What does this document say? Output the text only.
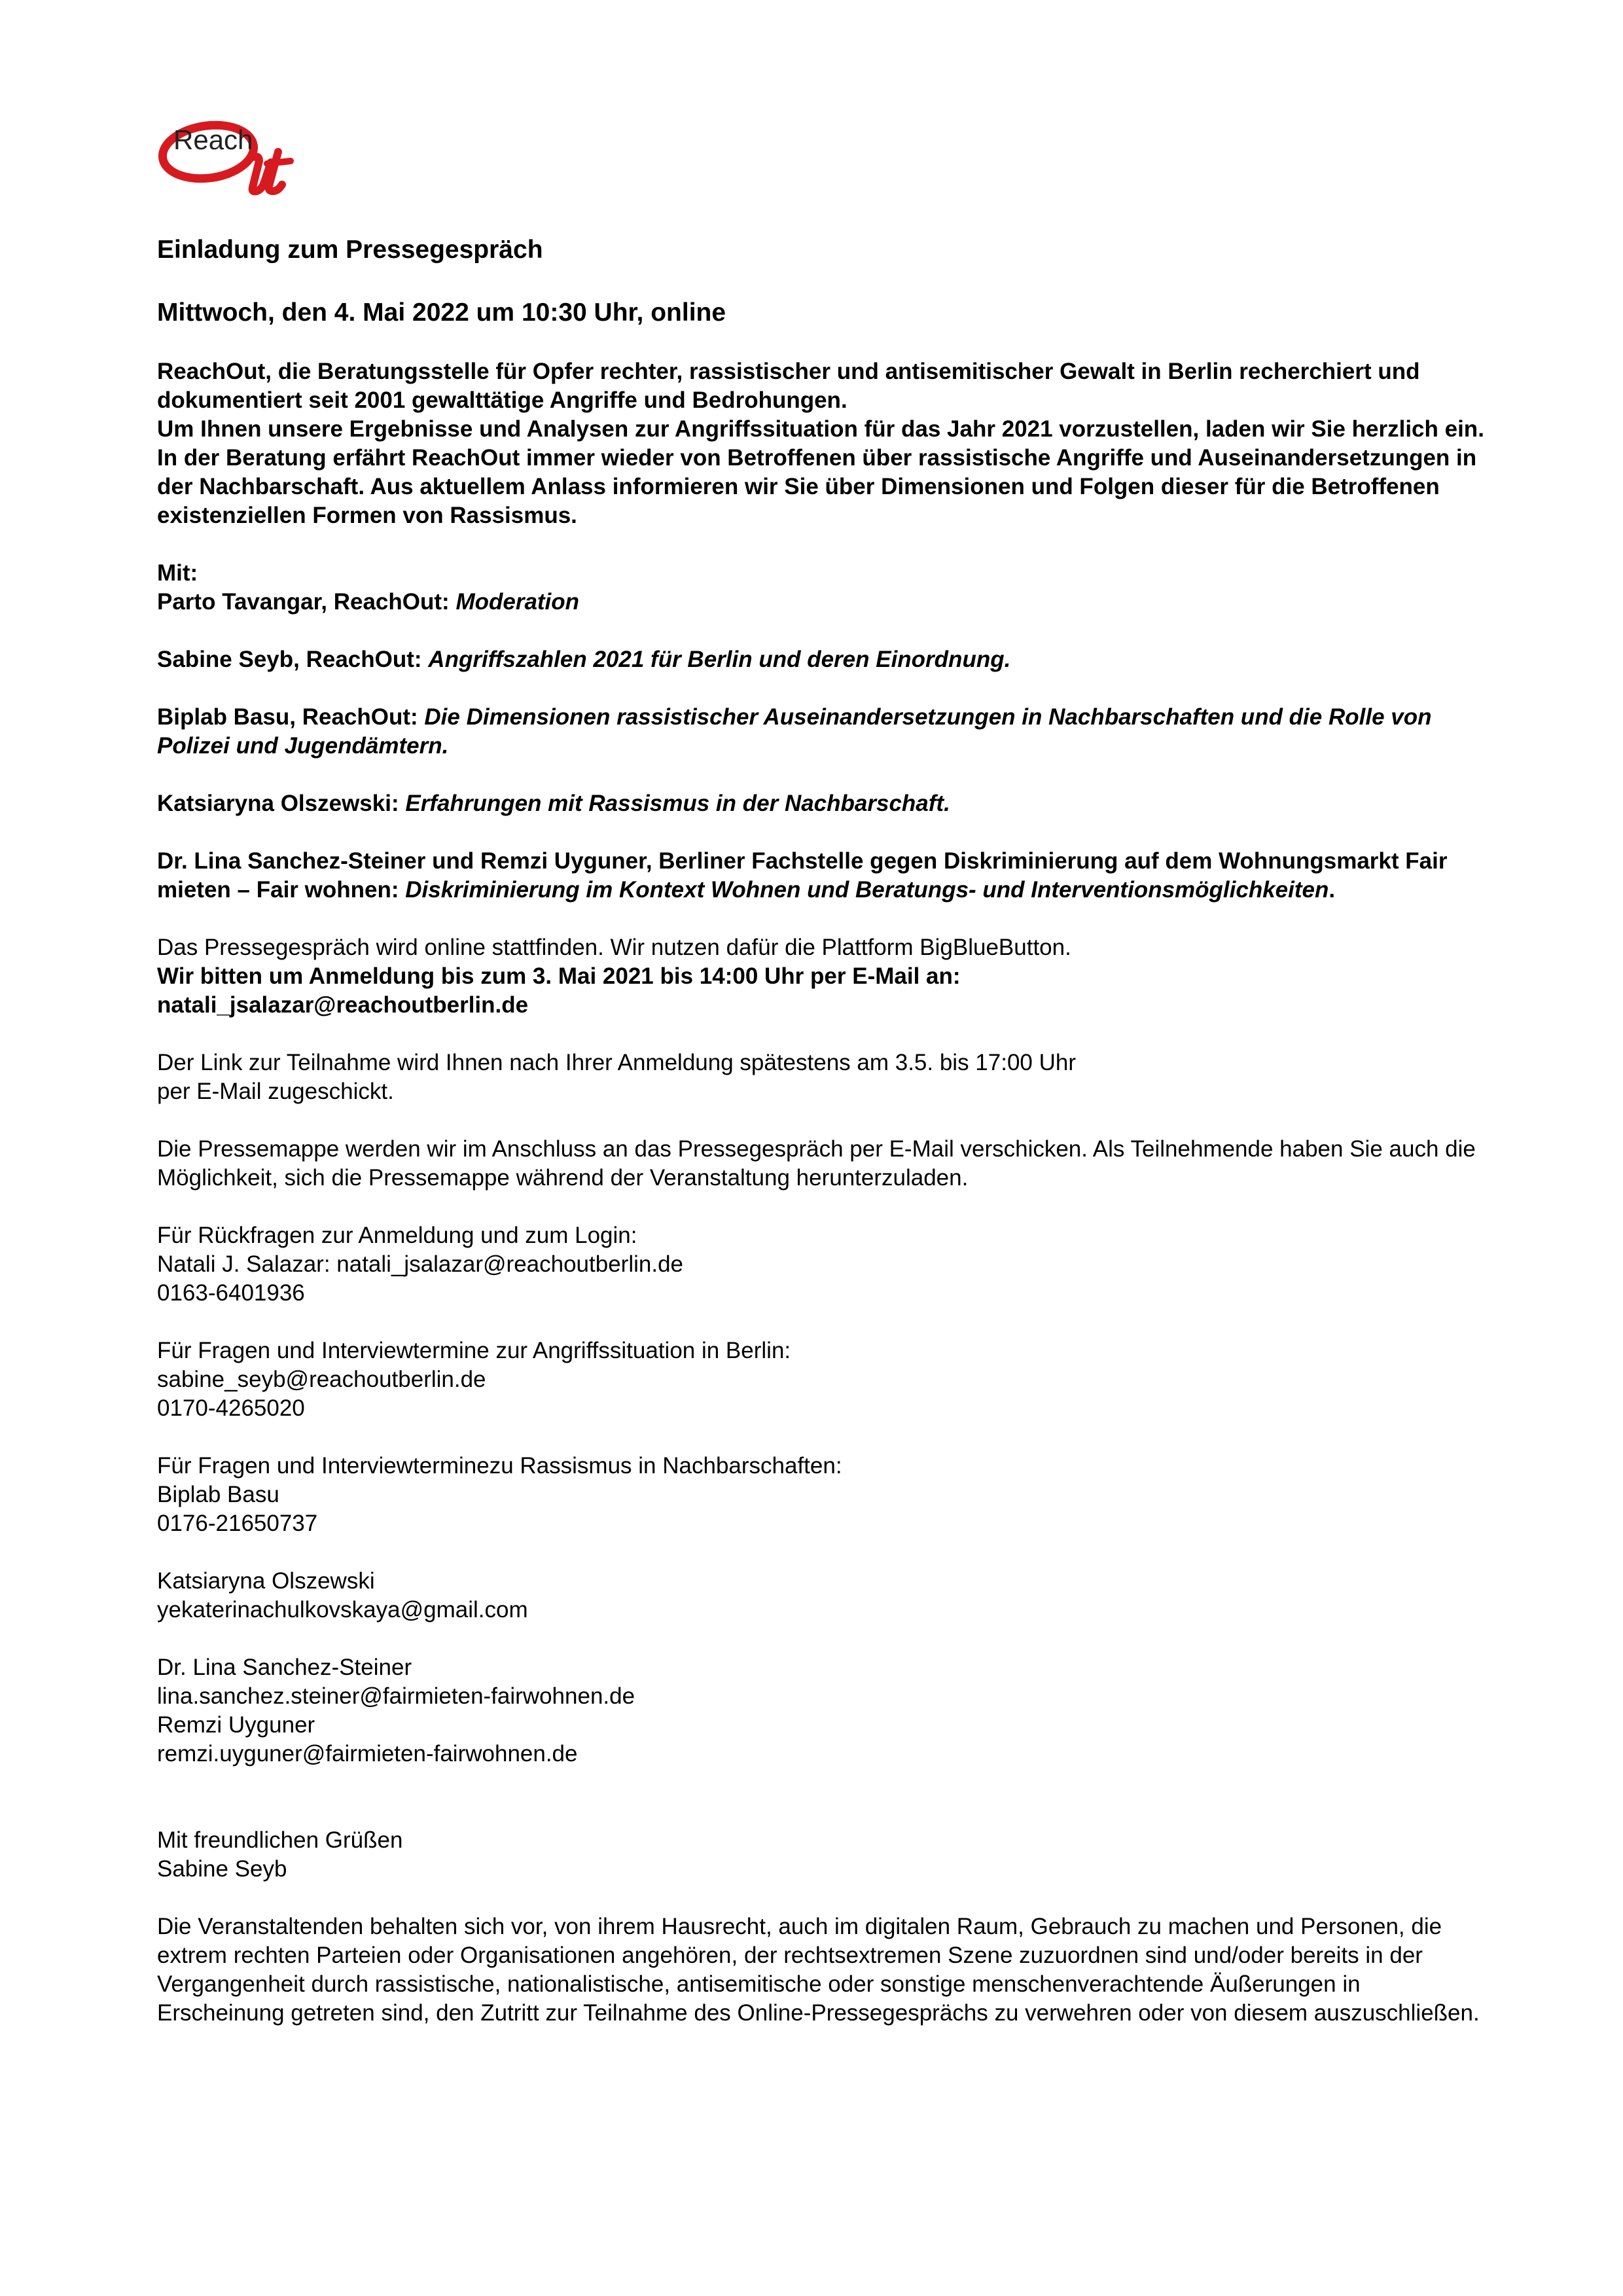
Reach
Einladung zum Pressegespräch
Mittwoch, den 4. Mai 2022 um 10:30 Uhr, online

ReachOut, die Beratungsstelle für Opfer rechter, rassistischer und antisemitischer Gewalt in Berlin recherchiert und dokumentiert seit 2001 gewalttätige Angriffe und Bedrohungen.

Um Ihnen unsere Ergebnisse und Analysen zur Angriffssituation für das Jahr 2021 vorzustellen, laden wir Sie herzlich ein.

In der Beratung erfährt ReachOut immer wieder von Betroffenen über rassistische Angriffe und Auseinandersetzungen in der Nachbarschaft. Aus aktuellem Anlass informieren wir Sie über Dimensionen und Folgen dieser für die Betroffenen existenziellen Formen von Rassismus.

Mit:

Parto Tavangar, ReachOut: Moderation

Sabine Seyb, ReachOut: Angriffszahlen 2021 für Berlin und deren Einordnung.

Biplab Basu, ReachOut: Die Dimensionen rassistischer Auseinandersetzungen in Nachbarschaften und die Rolle von Polizei und Jugendämtern.

Katsiaryna Olszewski: Erfahrungen mit Rassismus in der Nachbarschaft.

Dr. Lina Sanchez-Steiner und Remzi Uyguner, Berliner Fachstelle gegen Diskriminierung auf dem Wohnungsmarkt Fair mieten – Fair wohnen: Diskriminierung im Kontext Wohnen und Beratungs- und Interventionsmöglichkeiten.

Das Pressegespräch wird online stattfinden. Wir nutzen dafür die Plattform BigBlueButton.

Wir bitten um Anmeldung bis zum 3. Mai 2021 bis 14:00 Uhr per E-Mail an:

natali_jsalazar@reachoutberlin.de

Der Link zur Teilnahme wird Ihnen nach Ihrer Anmeldung spätestens am 3.5. bis 17:00 Uhr

per E-Mail zugeschickt.

Die Pressemappe werden wir im Anschluss an das Pressegespräch per E-Mail verschicken. Als Teilnehmende haben Sie auch die Möglichkeit, sich die Pressemappe während der Veranstaltung herunterzuladen.

Für Rückfragen zur Anmeldung und zum Login:

Natali J. Salazar: natali_jsalazar@reachoutberlin.de

0163-6401936

Für Fragen und Interviewtermine zur Angriffssituation in Berlin:

sabine_seyb@reachoutberlin.de

0170-4265020

Für Fragen und Interviewterminezu Rassismus in Nachbarschaften:

Biplab Basu

0176-21650737

Katsiaryna Olszewski

yekaterinachulkovskaya@gmail.com

Dr. Lina Sanchez-Steiner

lina.sanchez.steiner@fairmieten-fairwohnen.de

Remzi Uyguner

remzi.uyguner@fairmieten-fairwohnen.de

Mit freundlichen Grüßen

Sabine Seyb

Die Veranstaltenden behalten sich vor, von ihrem Hausrecht, auch im digitalen Raum, Gebrauch zu machen und Personen, die extrem rechten Parteien oder Organisationen angehören, der rechtsextremen Szene zuzuordnen sind und/oder bereits in der Vergangenheit durch rassistische, nationalistische, antisemitische oder sonstige menschenverachtende Äußerungen in Erscheinung getreten sind, den Zutritt zur Teilnahme des Online-Pressegesprächs zu verwehren oder von diesem auszuschließen.
